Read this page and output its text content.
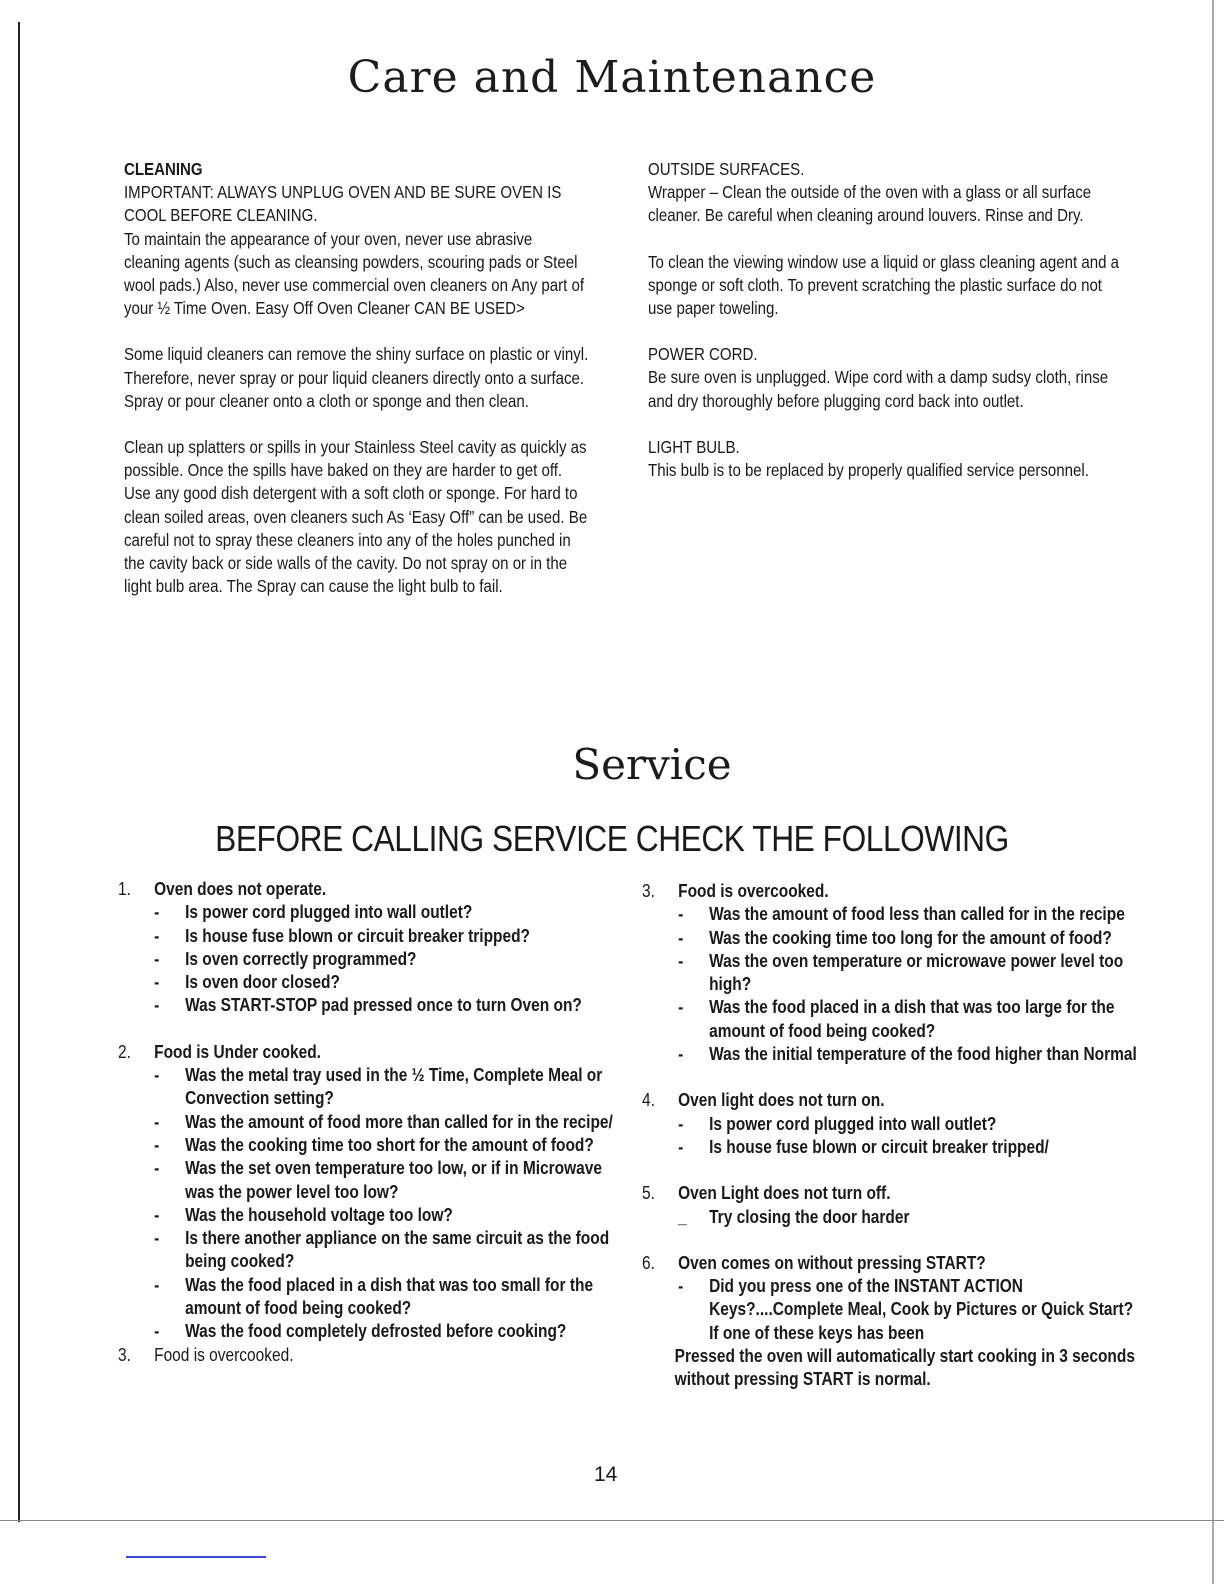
Care and Maintenance

CLEANING
IMPORTANT: ALWAYS UNPLUG OVEN AND BE SURE OVEN IS COOL BEFORE CLEANING.

To maintain the appearance of your oven, never use abrasive cleaning agents (such as cleansing powders, scouring pads or Steel wool pads.) Also, never use commercial oven cleaners on Any part of your ½ Time Oven. Easy Off Oven Cleaner CAN BE USED>

Some liquid cleaners can remove the shiny surface on plastic or vinyl. Therefore, never spray or pour liquid cleaners directly onto a surface. Spray or pour cleaner onto a cloth or sponge and then clean.

Clean up splatters or spills in your Stainless Steel cavity as quickly as possible. Once the spills have baked on they are harder to get off. Use any good dish detergent with a soft cloth or sponge. For hard to clean soiled areas, oven cleaners such As ‘Easy Off” can be used. Be careful not to spray these cleaners into any of the holes punched in the cavity back or side walls of the cavity. Do not spray on or in the light bulb area. The Spray can cause the light bulb to fail.

OUTSIDE SURFACES.
Wrapper – Clean the outside of the oven with a glass or all surface cleaner. Be careful when cleaning around louvers. Rinse and Dry.

To clean the viewing window use a liquid or glass cleaning agent and a sponge or soft cloth. To prevent scratching the plastic surface do not use paper toweling.

POWER CORD.
Be sure oven is unplugged. Wipe cord with a damp sudsy cloth, rinse and dry thoroughly before plugging cord back into outlet.

LIGHT BULB.
This bulb is to be replaced by properly qualified service personnel.

Service
BEFORE CALLING SERVICE CHECK THE FOLLOWING
1.	Oven does not operate.
-	Is power cord plugged into wall outlet?
-	Is house fuse blown or circuit breaker tripped?
-	Is oven correctly programmed?
-	Is oven door closed?
-	Was START-STOP pad pressed once to turn Oven on?
2.	Food is Under cooked.
-	Was the metal tray used in the ½ Time, Complete Meal or Convection setting?
-	Was the amount of food more than called for in the recipe/
-	Was the cooking time too short for the amount of food?
-	Was the set oven temperature too low, or if in Microwave was the power level too low?
-	Was the household voltage too low?
-	Is there another appliance on the same circuit as the food being cooked?
-	Was the food placed in a dish that was too small for the amount of food being cooked?
-	Was the food completely defrosted before cooking?
3.	Food is overcooked.
3.	Food is overcooked.
-	Was the amount of food less than called for in the recipe
-	Was the cooking time too long for the amount of food?
-	Was the oven temperature or microwave power level too high?
-	Was the food placed in a dish that was too large for the amount of food being cooked?
-	Was the initial temperature of the food higher than Normal
4.	Oven light does not turn on.
-	Is power cord plugged into wall outlet?
-	Is house fuse blown or circuit breaker tripped/
5.	Oven Light does not turn off.
_	Try closing the door harder
6.	Oven comes on without pressing START?
-	Did you press one of the INSTANT ACTION Keys?....Complete Meal, Cook by Pictures or Quick Start? If one of these keys has been
Pressed the oven will automatically start cooking in 3 seconds without pressing START is normal.

14
